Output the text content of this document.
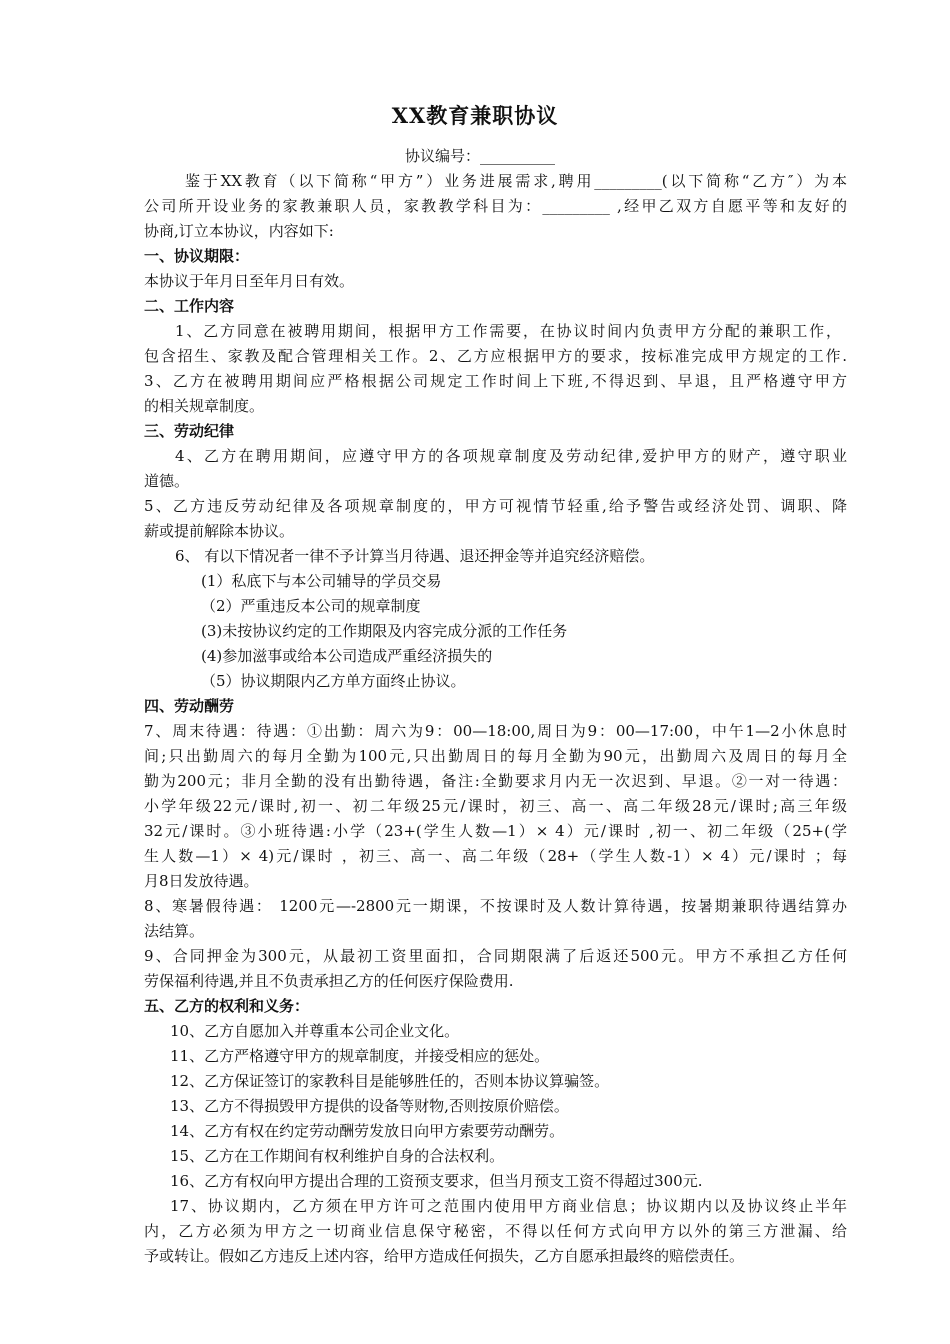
XX教育兼职协议
协议编号：__________
鉴于XX教育（以下简称“甲方”）业务进展需求,聘用_________(以下简称“乙方″）为本
公司所开设业务的家教兼职人员，家教教学科目为：_________ ,经甲乙双方自愿平等和友好的
协商,订立本协议，内容如下:
一、协议期限：
本协议于年月日至年月日有效。
二、工作内容
1、乙方同意在被聘用期间，根据甲方工作需要，在协议时间内负责甲方分配的兼职工作，
包含招生、家教及配合管理相关工作。2、乙方应根据甲方的要求，按标准完成甲方规定的工作.
3、乙方在被聘用期间应严格根据公司规定工作时间上下班,不得迟到、早退，且严格遵守甲方
的相关规章制度。
三、劳动纪律
4、乙方在聘用期间，应遵守甲方的各项规章制度及劳动纪律,爱护甲方的财产，遵守职业
道德。
5、乙方违反劳动纪律及各项规章制度的，甲方可视情节轻重,给予警告或经济处罚、调职、降
薪或提前解除本协议。
6、 有以下情况者一律不予计算当月待遇、退还押金等并追究经济赔偿。
(1）私底下与本公司辅导的学员交易
（2）严重违反本公司的规章制度
(3)未按协议约定的工作期限及内容完成分派的工作任务
(4)参加滋事或给本公司造成严重经济损失的
（5）协议期限内乙方单方面终止协议。
四、劳动酬劳
7、周末待遇：待遇：①出勤：周六为9：00—18:00,周日为9：00—17:00，中午1—2小休息时
间;只出勤周六的每月全勤为100元,只出勤周日的每月全勤为90元，出勤周六及周日的每月全
勤为200元；非月全勤的没有出勤待遇，备注:全勤要求月内无一次迟到、早退。②一对一待遇：
小学年级22元/课时,初一、初二年级25元/课时，初三、高一、高二年级28元/课时;高三年级
32元/课时。③小班待遇:小学（23+(学生人数—1）× 4）元/课时 ,初一、初二年级（25+(学
生人数—1）× 4)元/课时 ，初三、高一、高二年级（28+（学生人数-1）× 4）元/课时 ；每
月8日发放待遇。
8、寒暑假待遇： 1200元—-2800元一期课，不按课时及人数计算待遇，按暑期兼职待遇结算办
法结算。
9、合同押金为300元，从最初工资里面扣，合同期限满了后返还500元。甲方不承担乙方任何
劳保福利待遇,并且不负责承担乙方的任何医疗保险费用.
五、乙方的权利和义务：
10、乙方自愿加入并尊重本公司企业文化。
11、乙方严格遵守甲方的规章制度，并接受相应的惩处。
12、乙方保证签订的家教科目是能够胜任的，否则本协议算骗签。
13、乙方不得损毁甲方提供的设备等财物,否则按原价赔偿。
14、乙方有权在约定劳动酬劳发放日向甲方索要劳动酬劳。
15、乙方在工作期间有权利维护自身的合法权利。
16、乙方有权向甲方提出合理的工资预支要求，但当月预支工资不得超过300元.
17、协议期内，乙方须在甲方许可之范围内使用甲方商业信息；协议期内以及协议终止半年
内，乙方必须为甲方之一切商业信息保守秘密，不得以任何方式向甲方以外的第三方泄漏、给
予或转让。假如乙方违反上述内容，给甲方造成任何损失，乙方自愿承担最终的赔偿责任。
